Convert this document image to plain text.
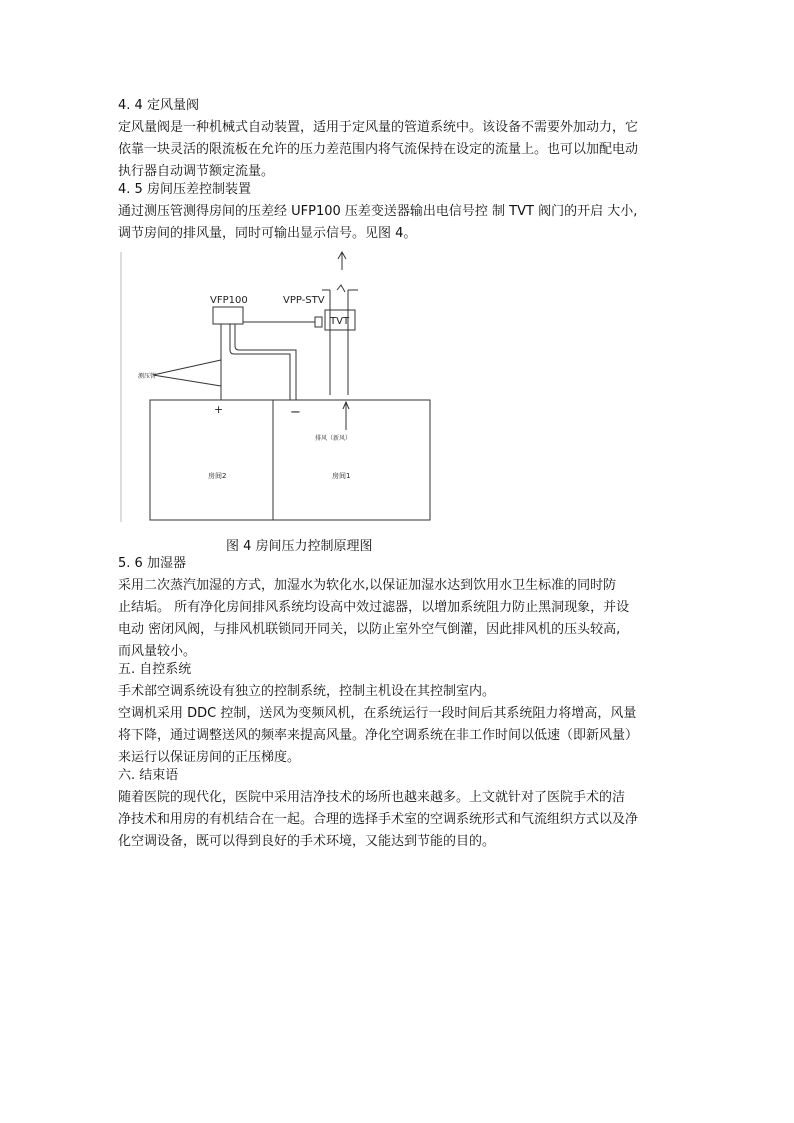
4. 4 定风量阀
定风量阀是一种机械式自动装置，适用于定风量的管道系统中。该设备不需要外加动力，它
依靠一块灵活的限流板在允许的压力差范围内将气流保持在设定的流量上。也可以加配电动
执行器自动调节额定流量。
4. 5 房间压差控制装置
通过测压管测得房间的压差经 UFP100 压差变送器输出电信号控 制 TVT 阀门的开启 大小,
调节房间的排风量，同时可输出显示信号。见图 4。
VFP100	VPP-STV
TVT
测压管
+	−
排风（新风）
房间2	房间1
图 4 房间压力控制原理图
5. 6 加湿器
采用二次蒸汽加湿的方式，加湿水为软化水,以保证加湿水达到饮用水卫生标准的同时防
止结垢。 所有净化房间排风系统均设高中效过滤器，以增加系统阻力防止黑洞现象，并设
电动 密闭风阀，与排风机联锁同开同关，以防止室外空气倒灌，因此排风机的压头较高,
而风量较小。
五. 自控系统
手术部空调系统设有独立的控制系统，控制主机设在其控制室内。
空调机采用 DDC 控制，送风为变频风机，在系统运行一段时间后其系统阻力将增高，风量
将下降，通过调整送风的频率来提高风量。净化空调系统在非工作时间以低速（即新风量）
来运行以保证房间的正压梯度。
六. 结束语
随着医院的现代化，医院中采用洁净技术的场所也越来越多。上文就针对了医院手术的洁
净技术和用房的有机结合在一起。合理的选择手术室的空调系统形式和气流组织方式以及净
化空调设备，既可以得到良好的手术环境，又能达到节能的目的。
